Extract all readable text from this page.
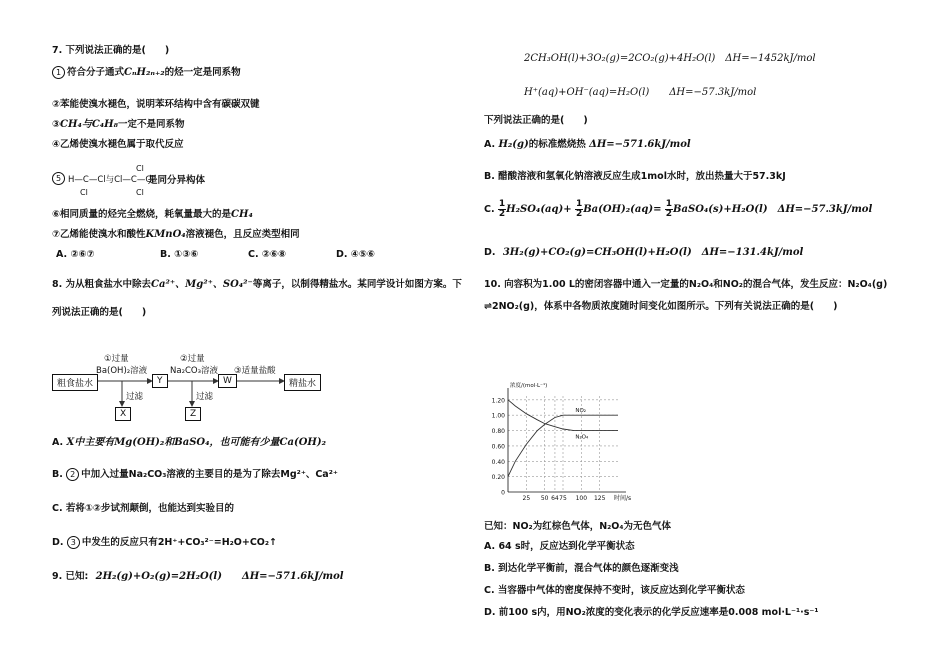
7. 下列说法正确的是(　　)
1 符合分子通式CₙH₂ₙ₊₂的烃一定是同系物
②苯能使溴水褪色，说明苯环结构中含有碳碳双键
③CH₄与C₄H₈一定不是同系物
④乙烯使溴水褪色属于取代反应
5
Cl
H—C—Cl与Cl—C—Cl
Cl	Cl
是同分异构体
⑥相同质量的烃完全燃烧，耗氧量最大的是CH₄
⑦乙烯能使溴水和酸性KMnO₄溶液褪色，且反应类型相同
A. ②⑥⑦	B. ①③⑥	C. ②⑥⑧	D. ④⑤⑥
8. 为从粗食盐水中除去Ca²⁺、Mg²⁺、SO₄²⁻等离子，以制得精盐水。某同学设计如图方案。下
列说法正确的是(　　)
粗食盐水
①过量
Ba(OH)₂溶液
Y
②过量
Na₂CO₃溶液
W
③适量盐酸
精盐水
过滤	过滤
X	Z
A. X中主要有Mg(OH)₂和BaSO₄，也可能有少量Ca(OH)₂
B. 2 中加入过量Na₂CO₃溶液的主要目的是为了除去Mg²⁺、Ca²⁺
C. 若将①②步试剂颠倒，也能达到实验目的
D. 3 中发生的反应只有2H⁺+CO₃²⁻=H₂O+CO₂↑
9. 已知: 2H₂(g)+O₂(g)=2H₂O(l)　　ΔH=−571.6kJ/mol
2CH₃OH(l)+3O₂(g)=2CO₂(g)+4H₂O(l)　ΔH=−1452kJ/mol
H⁺(aq)+OH⁻(aq)=H₂O(l)　　ΔH=−57.3kJ/mol
下列说法正确的是(　　)
A. H₂(g)的标准燃烧热 ΔH=−571.6kJ/mol
B. 醋酸溶液和氢氧化钠溶液反应生成1mol水时，放出热量大于57.3kJ
C. $\frac{1}{2} H_2SO_4(aq)+ \frac{1}{2} Ba(OH)_2(aq)= \frac{1}{2}$ BaSO₄(s)+H₂O(l)　ΔH=−57.3kJ/mol
D. 3H₂(g)+CO₂(g)=CH₃OH(l)+H₂O(l)　ΔH=−131.4kJ/mol
10. 向容积为1.00 L的密闭容器中通入一定量的N₂O₄和NO₂的混合气体，发生反应：N₂O₄(g)
⇌2NO₂(g)，体系中各物质浓度随时间变化如图所示。下列有关说法正确的是(　　)
0
0.20
0.40
0.60
0.80
1.00
1.20
25 50 64 75 100 125
浓度/(mol·L⁻¹)
时间/s
NO₂
N₂O₄
已知：NO₂为红棕色气体，N₂O₄为无色气体
A. 64 s时，反应达到化学平衡状态
B. 到达化学平衡前，混合气体的颜色逐渐变浅
C. 当容器中气体的密度保持不变时，该反应达到化学平衡状态
D. 前100 s内，用NO₂浓度的变化表示的化学反应速率是0.008 mol·L⁻¹·s⁻¹
